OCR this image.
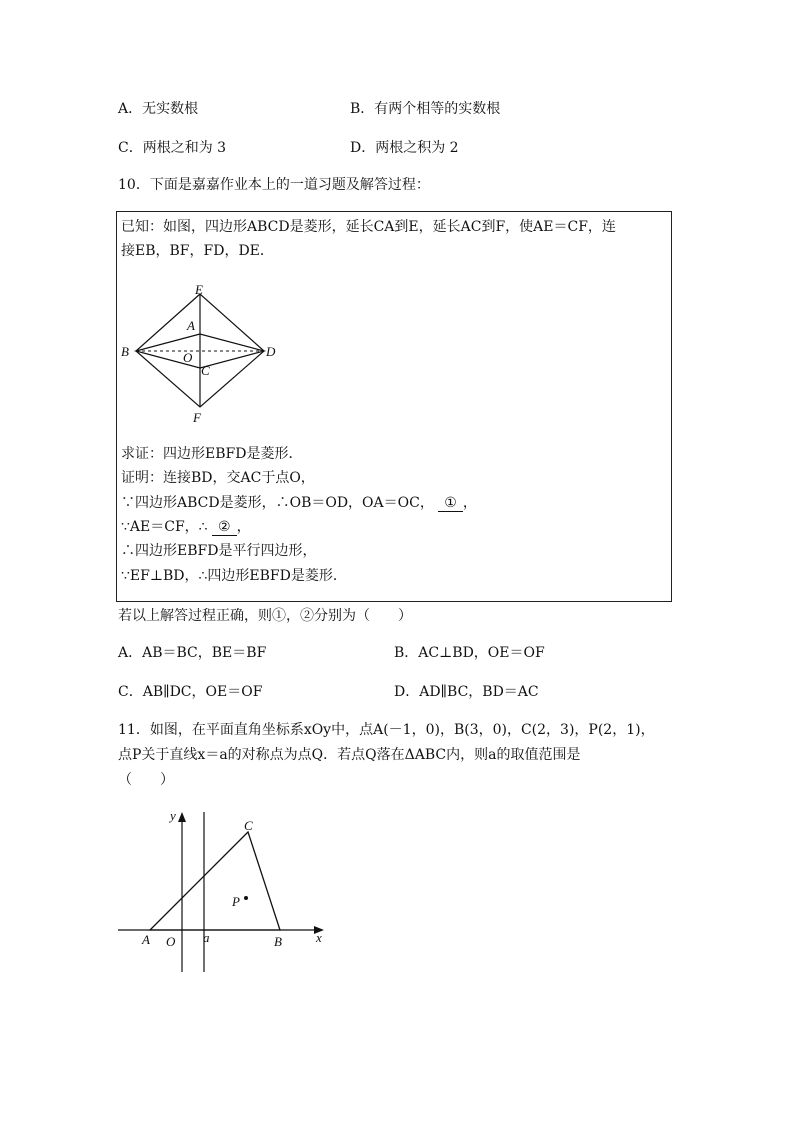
A．无实数根	B．有两个相等的实数根
C．两根之和为 3	D．两根之积为 2
10．下面是嘉嘉作业本上的一道习题及解答过程：
已知：如图，四边形ABCD是菱形，延长CA到E，延长AC到F，使AE＝CF，连
接EB，BF，FD，DE．
E
A
B	O	D
C
F
求证：四边形EBFD是菱形．
证明：连接BD，交AC于点O，
∵四边形ABCD是菱形，∴OB＝OD，OA＝OC， ① ，
∵AE＝CF，∴ ② ，
∴四边形EBFD是平行四边形，
∵EF⊥BD，∴四边形EBFD是菱形．
若以上解答过程正确，则①，②分别为（　　）
A．AB＝BC，BE＝BF	B．AC⊥BD，OE＝OF
C．AB∥DC，OE＝OF	D．AD∥BC，BD＝AC
11．如图，在平面直角坐标系xOy中，点A(－1，0)，B(3，0)，C(2，3)，P(2，1)，
点P关于直线x＝a的对称点为点Q．若点Q落在ΔABC内，则a的取值范围是
（　　）
y
C
P
A O a	B	x
